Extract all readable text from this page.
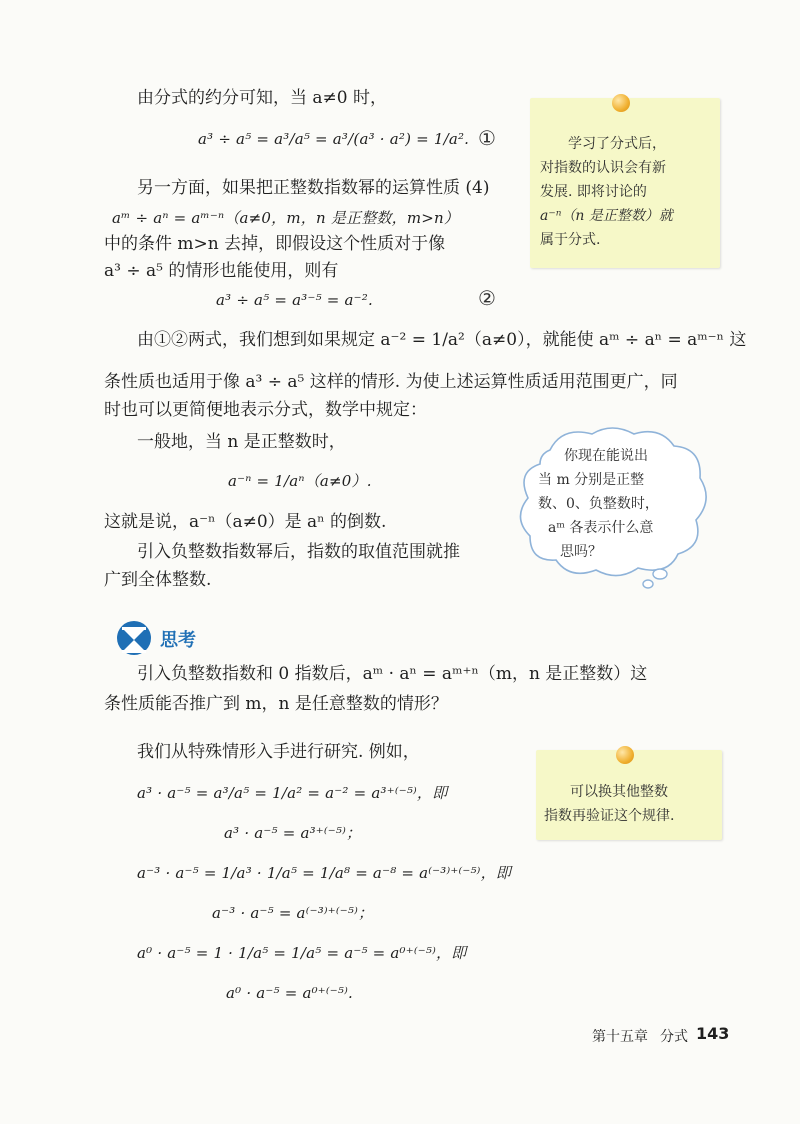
由分式的约分可知，当 a≠0 时，
a³ ÷ a⁵ = a³/a⁵ = a³/(a³ · a²) = 1/a². ①
另一方面，如果把正整数指数幂的运算性质 (4)
aᵐ ÷ aⁿ = aᵐ⁻ⁿ（a≠0，m，n 是正整数，m>n）
中的条件 m>n 去掉，即假设这个性质对于像
a³ ÷ a⁵ 的情形也能使用，则有
a³ ÷ a⁵ = a³⁻⁵ = a⁻².	②
由①②两式，我们想到如果规定 a⁻² = 1/a²（a≠0），就能使 aᵐ ÷ aⁿ = aᵐ⁻ⁿ 这
条性质也适用于像 a³ ÷ a⁵ 这样的情形. 为使上述运算性质适用范围更广，同
时也可以更简便地表示分式，数学中规定：
一般地，当 n 是正整数时，
a⁻ⁿ = 1/aⁿ（a≠0）.
这就是说，a⁻ⁿ（a≠0）是 aⁿ 的倒数.
引入负整数指数幂后，指数的取值范围就推
广到全体整数.
学习了分式后，
对指数的认识会有新
发展. 即将讨论的
a⁻ⁿ（n 是正整数）就
属于分式.
你现在能说出
当 m 分别是正整
数、0、负整数时，
aᵐ 各表示什么意
思吗？
思考
引入负整数指数和 0 指数后，aᵐ · aⁿ = aᵐ⁺ⁿ（m，n 是正整数）这
条性质能否推广到 m，n 是任意整数的情形？
我们从特殊情形入手进行研究. 例如，
a³ · a⁻⁵ = a³/a⁵ = 1/a² = a⁻² = a³⁺⁽⁻⁵⁾，即
a³ · a⁻⁵ = a³⁺⁽⁻⁵⁾；
a⁻³ · a⁻⁵ = 1/a³ · 1/a⁵ = 1/a⁸ = a⁻⁸ = a⁽⁻³⁾⁺⁽⁻⁵⁾，即
a⁻³ · a⁻⁵ = a⁽⁻³⁾⁺⁽⁻⁵⁾；
a⁰ · a⁻⁵ = 1 · 1/a⁵ = 1/a⁵ = a⁻⁵ = a⁰⁺⁽⁻⁵⁾，即
a⁰ · a⁻⁵ = a⁰⁺⁽⁻⁵⁾.
可以换其他整数
指数再验证这个规律.
第十五章 分式 143
